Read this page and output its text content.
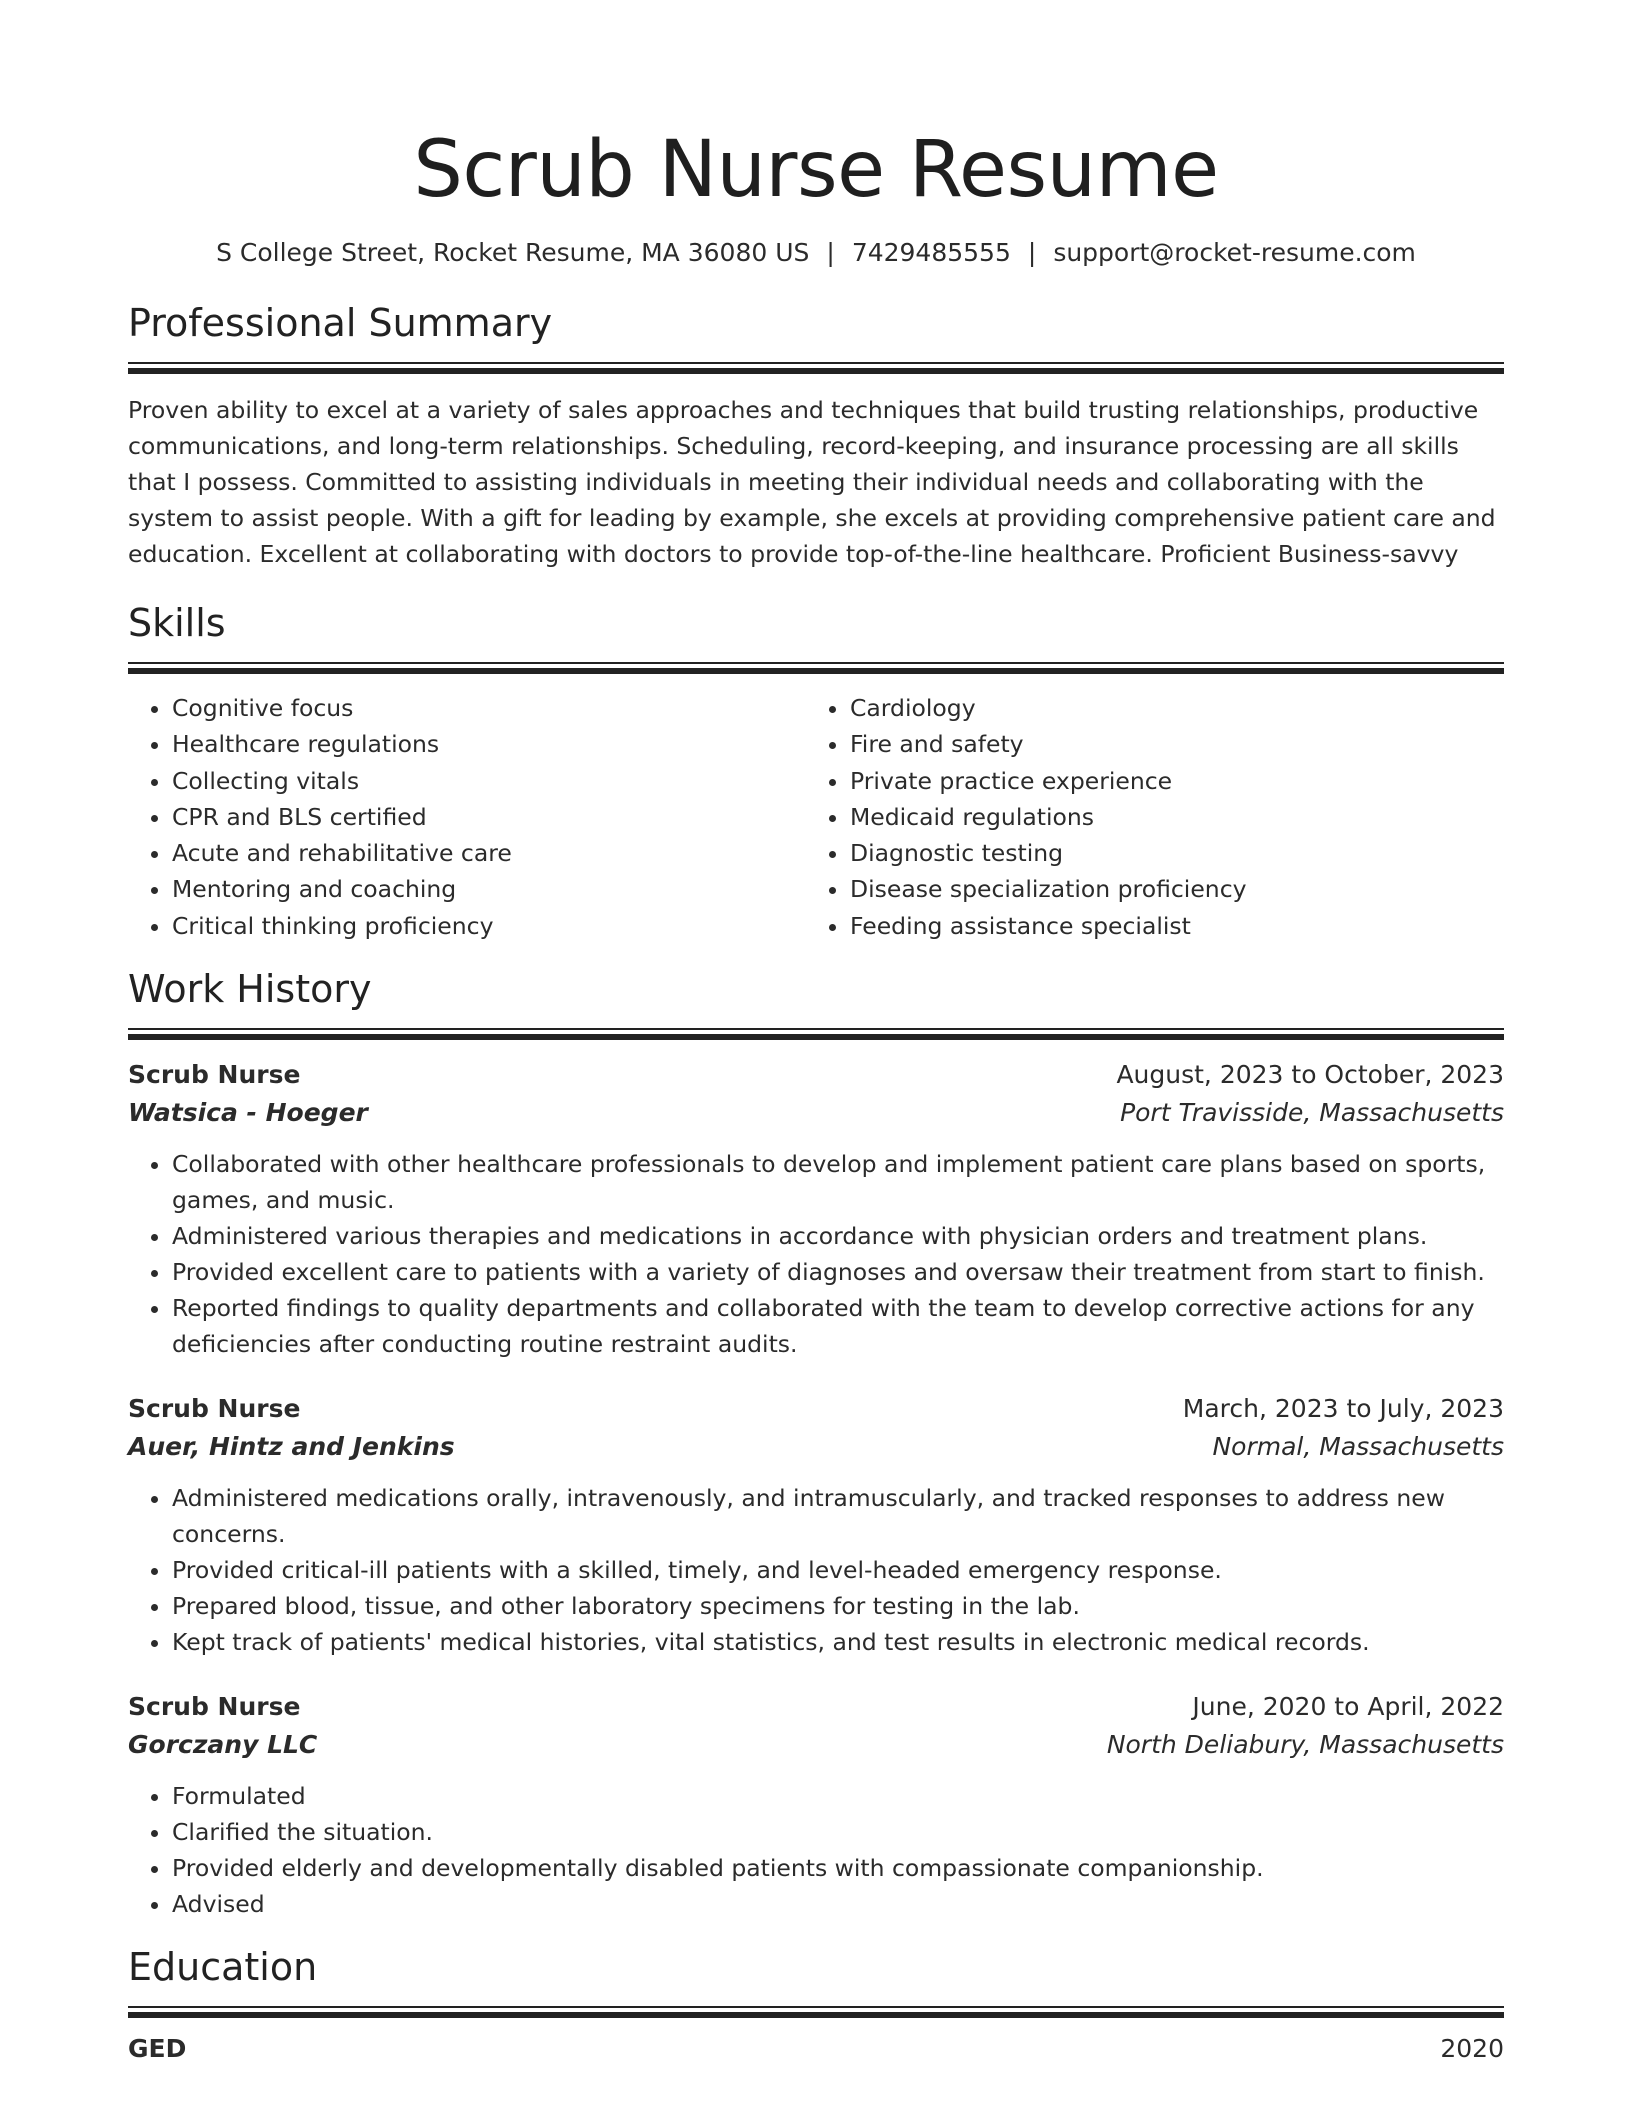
Scrub Nurse Resume
S College Street, Rocket Resume, MA 36080 US | 7429485555 | support@rocket-resume.com
Professional Summary
Proven ability to excel at a variety of sales approaches and techniques that build trusting relationships, productive communications, and long-term relationships. Scheduling, record-keeping, and insurance processing are all skills that I possess. Committed to assisting individuals in meeting their individual needs and collaborating with the system to assist people. With a gift for leading by example, she excels at providing comprehensive patient care and education. Excellent at collaborating with doctors to provide top-of-the-line healthcare. Proficient Business-savvy
Skills
• Cognitive focus
• Healthcare regulations
• Collecting vitals
• CPR and BLS certified
• Acute and rehabilitative care
• Mentoring and coaching
• Critical thinking proficiency
• Cardiology
• Fire and safety
• Private practice experience
• Medicaid regulations
• Diagnostic testing
• Disease specialization proficiency
• Feeding assistance specialist
Work History
Scrub Nurse	August, 2023 to October, 2023
Watsica - Hoeger	Port Travisside, Massachusetts
• Collaborated with other healthcare professionals to develop and implement patient care plans based on sports, games, and music.
• Administered various therapies and medications in accordance with physician orders and treatment plans.
• Provided excellent care to patients with a variety of diagnoses and oversaw their treatment from start to finish.
• Reported findings to quality departments and collaborated with the team to develop corrective actions for any deficiencies after conducting routine restraint audits.
Scrub Nurse	March, 2023 to July, 2023
Auer, Hintz and Jenkins	Normal, Massachusetts
• Administered medications orally, intravenously, and intramuscularly, and tracked responses to address new concerns.
• Provided critical-ill patients with a skilled, timely, and level-headed emergency response.
• Prepared blood, tissue, and other laboratory specimens for testing in the lab.
• Kept track of patients' medical histories, vital statistics, and test results in electronic medical records.
Scrub Nurse	June, 2020 to April, 2022
Gorczany LLC	North Deliabury, Massachusetts
• Formulated
• Clarified the situation.
• Provided elderly and developmentally disabled patients with compassionate companionship.
• Advised
Education
GED	2020
